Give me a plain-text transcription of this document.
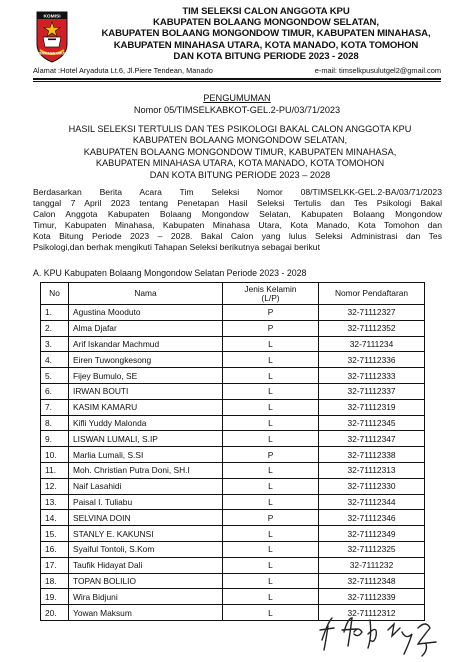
KOMISI
PEMILIHAN UMUM
TIM SELEKSI CALON ANGGOTA KPU
KABUPATEN BOLAANG MONGONDOW SELATAN,
KABUPATEN BOLAANG MONGONDOW TIMUR, KABUPATEN MINAHASA,
KABUPATEN MINAHASA UTARA, KOTA MANADO, KOTA TOMOHON
DAN KOTA BITUNG PERIODE 2023 - 2028
Alamat :Hotel Aryaduta Lt.6, Jl.Piere Tendean, Manado	e-mail: timselkpusulutgel2@gmail.com
PENGUMUMAN
Nomor 05/TIMSELKABKOT-GEL.2-PU/03/71/2023
HASIL SELEKSI TERTULIS DAN TES PSIKOLOGI BAKAL CALON ANGGOTA KPU
KABUPATEN BOLAANG MONGONDOW SELATAN,
KABUPATEN BOLAANG MONGONDOW TIMUR, KABUPATEN MINAHASA,
KABUPATEN MINAHASA UTARA, KOTA MANADO, KOTA TOMOHON
DAN KOTA BITUNG PERIODE 2023 – 2028
Berdasarkan Berita Acara Tim Seleksi Nomor 08/TIMSELKK-GEL.2-BA/03/71/2023
tanggal 7 April 2023 tentang Penetapan Hasil Seleksi Tertulis dan Tes Psikologi Bakal
Calon Anggota Kabupaten Bolaang Mongondow Selatan, Kabupaten Bolaang Mongondow
Timur, Kabupaten Minahasa, Kabupaten Minahasa Utara, Kota Manado, Kota Tomohon dan
Kota Bitung Periode 2023 – 2028. Bakal Calon yang lulus Seleksi Administrasi dan Tes
Psikologi,dan berhak mengikuti Tahapan Seleksi berikutnya sebagai berikut
A. KPU Kabupaten Bolaang Mongondow Selatan Periode 2023 - 2028
No	Nama	Jenis Kelamin
(L/P)	Nomor Pendaftaran
1.	Agustina Mooduto	P	32-71112327
2.	Alma Djafar	P	32-71112352
3.	Arif Iskandar Machmud	L	32-7111234
4.	Eiren Tuwongkesong	L	32-71112336
5.	Fijey Bumulo, SE	L	32-71112333
6.	IRWAN BOUTI	L	32-71112337
7.	KASIM KAMARU	L	32-71112319
8.	Kifli Yuddy Malonda	L	32-71112345
9.	LISWAN LUMALI, S.IP	L	32-71112347
10.	Marlia Lumali, S.SI	P	32-71112338
11.	Moh. Christian Putra Doni, SH.I	L	32-71112313
12.	Naif Lasahidi	L	32-71112330
13.	Paisal I. Tuliabu	L	32-71112344
14.	SELVINA DOIN	P	32-71112346
15.	STANLY E. KAKUNSI	L	32-71112349
16.	Syaiful Tontoli, S.Kom	L	32-71112325
17.	Taufik Hidayat Dali	L	32-7111232
18.	TOPAN BOLILIO	L	32-71112348
19.	Wira Bidjuni	L	32-71112339
20.	Yowan Maksum	L	32-71112312
